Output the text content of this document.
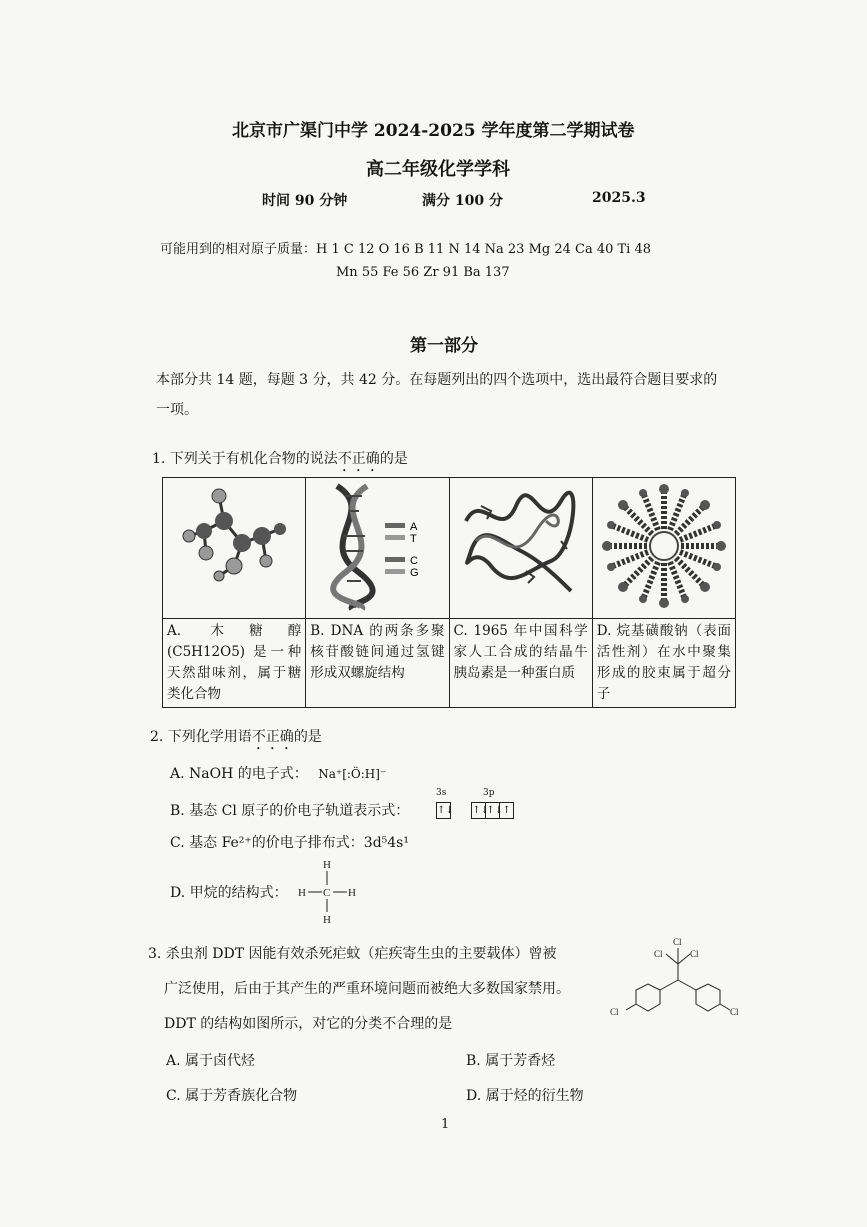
北京市广渠门中学 2024-2025 学年度第二学期试卷
高二年级化学学科
时间 90 分钟	满分 100 分	2025.3
可能用到的相对原子质量：H 1 C 12 O 16 B 11 N 14 Na 23 Mg 24 Ca 40 Ti 48
Mn 55 Fe 56 Zr 91 Ba 137
第一部分
本部分共 14 题，每题 3 分，共 42 分。在每题列出的四个选项中，选出最符合题目要求的
一项。
1. 下列关于有机化合物的说法不正确的是

A
T
C
G

A. 木糖醇 (C5H12O5) 是一种天然甜味剂，属于糖类化合物	B. DNA 的两条多聚核苷酸链间通过氢键形成双螺旋结构	C. 1965 年中国科学家人工合成的结晶牛胰岛素是一种蛋白质	D. 烷基磺酸钠（表面活性剂）在水中聚集形成的胶束属于超分子
2. 下列化学用语不正确的是
A. NaOH 的电子式： Na⁺[:Ö:H]⁻
B. 基态 Cl 原子的价电子轨道表示式：
3s	3p
↑↓ ↑↓↑↓↑
C. 基态 Fe²⁺的价电子排布式：3d⁵4s¹
D. 甲烷的结构式：
H
C
H	H
H
3. 杀虫剂 DDT 因能有效杀死疟蚊（疟疾寄生虫的主要载体）曾被
广泛使用，后由于其产生的严重环境问题而被绝大多数国家禁用。
DDT 的结构如图所示，对它的分类不合理的是
Cl
Cl	Cl
Cl	Cl
A. 属于卤代烃	B. 属于芳香烃
C. 属于芳香族化合物	D. 属于烃的衍生物
1
